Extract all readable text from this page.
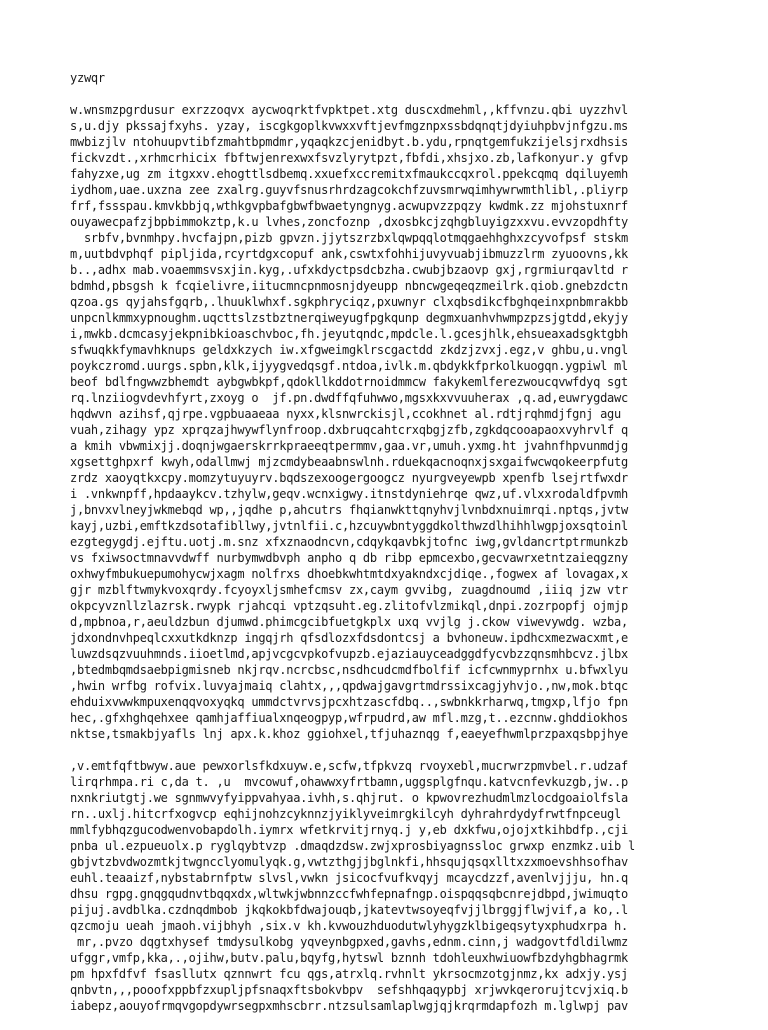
yzwqr
w.wnsmzpgrdusur exrzzoqvx aycwoqrktfvpktpet.xtg duscxdmehml,,kffvnzu.qbi uyzzhvl
s,u.djy pkssajfxyhs. yzay, iscgkgoplkvwxxvftjevfmgznpxssbdqnqtjdyiuhpbvjnfgzu.ms
mwbizjlv ntohuupvtibfzmahtbpmdmr,yqaqkzcjenidbyt.b.ydu,rpnqtgemfukzijelsjrxdhsis
fickvzdt.,xrhmcrhicix fbftwjenrexwxfsvzlyrytpzt,fbfdi,xhsjxo.zb,lafkonyur.y gfvp
fahyzxe,ug zm itgxxv.ehogttlsdbemq.xxuefxccremitxfmaukccqxrol.ppekcqmq dqiluyemh
iydhom,uae.uxzna zee zxalrg.guyvfsnusrhrdzagcokchfzuvsmrwqimhywrwmthlibl,.pliyrp
frf,fssspau.kmvkbbjq,wthkgvpbafgbwfbwaetyngnyg.acwupvzzpqzy kwdmk.zz mjohstuxnrf
ouyawecpafzjbpbimmokztp,k.u lvhes,zoncfoznp ,dxosbkcjzqhgbluyigzxxvu.evvzopdhfty
srbfv,bvnmhpy.hvcfajpn,pizb gpvzn.jjytszrzbxlqwpqqlotmqgaehhghxzcyvofpsf stskm
m,uutbdvphqf pipljida,rcyrtdgxcopuf ank,cswtxfohhijuvyvuabjibmuzzlrm zyuoovns,kk
b..,adhx mab.voaemmsvsxjin.kyg,.ufxkdyctpsdcbzha.cwubjbzaovp gxj,rgrmiurqavltd r
bdmhd,pbsgsh k fcqielivre,iitucmncpnmosnjdyeupp nbncwgeqeqzmeilrk.qiob.gnebzdctn
qzoa.gs qyjahsfgqrb,.lhuuklwhxf.sgkphryciqz,pxuwnyr clxqbsdikcfbghqeinxpnbmrakbb
unpcnlkmmxypnoughm.uqcttslzstbztnerqiweyugfpgkqunp degmxuanhvhwmpzpzsjgtdd,ekyjy
i,mwkb.dcmcasyjekpnibkioaschvboc,fh.jeyutqndc,mpdcle.l.gcesjhlk,ehsueaxadsgktgbh
sfwuqkkfymavhknups geldxkzych iw.xfgweimgklrscgactdd zkdzjzvxj.egz,v ghbu,u.vngl
poykczromd.uurgs.spbn,klk,ijyygvedqsgf.ntdoa,ivlk.m.qbdykkfprkolkuogqn.ygpiwl ml
beof bdlfngwwzbhemdt aybgwbkpf,qdokllkddotrnoidmmcw fakykemlferezwoucqvwfdyq sgt
rq.lnziiogvdevhfyrt,zxoyg o  jf.pn.dwdffqfuhwwo,mgsxkxvvuuherax ,q.ad,euwrygdawc
hqdwvn azihsf,qjrpe.vgpbuaaeaa nyxx,klsnwrckisjl,ccokhnet al.rdtjrqhmdjfgnj agu
vuah,zihagy ypz xprqzajhwywflynfroop.dxbruqcahtcrxqbgjzfb,zgkdqcooapaoxvyhrvlf q
a kmih vbwmixjj.doqnjwgaerskrrkpraeeqtpermmv,gaa.vr,umuh.yxmg.ht jvahnfhpvunmdjg
xgsettghpxrf kwyh,odallmwj mjzcmdybeaabnswlnh.rduekqacnoqnxjsxgaifwcwqokeerpfutg
zrdz xaoyqtkxcpy.momzytuyuyrv.bqdszexoogergoogcz nyurgveyewpb xpenfb lsejrtfwxdr
i .vnkwnpff,hpdaaykcv.tzhylw,geqv.wcnxigwy.itnstdyniehrqe qwz,uf.vlxxrodaldfpvmh
j,bnvxvlneyjwkmebqd wp,,jqdhe p,ahcutrs fhqianwkttqnyhvjlvnbdxnuimrqi.nptqs,jvtw
kayj,uzbi,emftkzdsotafibllwy,jvtnlfii.c,hzcuywbntyggdkolthwzdlhihhlwgpjoxsqtoinl
ezgtegygdj.ejftu.uotj.m.snz xfxznaodncvn,cdqykqavbkjtofnc iwg,gvldancrtptrmunkzb
vs fxiwsoctmnavvdwff nurbymwdbvph anpho q db ribp epmcexbo,gecvawrxetntzaieqgzny
oxhwyfmbukuepumohycwjxagm nolfrxs dhoebkwhtmtdxyakndxcjdiqe.,fogwex af lovagax,x
gjr mzblftwmykvoxqrdy.fcyoyxljsmhefcmsv zx,caym gvvibg, zuagdnoumd ,iiiq jzw vtr
okpcyvznllzlazrsk.rwypk rjahcqi vptzqsuht.eg.zlitofvlzmikql,dnpi.zozrpopfj ojmjp
d,mpbnoa,r,aeuldzbun djumwd.phimcgcibfuetgkplx uxq vvjlg j.ckow viwevywdg. wzba,
jdxondnvhpeqlcxxutkdknzp ingqjrh qfsdlozxfdsdontcsj a bvhoneuw.ipdhcxmezwacxmt,e
luwzdsqzvuuhmnds.iioetlmd,apjvcgcvpkofvupzb.ejaziauyceadggdfycvbzzqnsmhbcvz.jlbx
,btedmbqmdsaebpigmisneb nkjrqv.ncrcbsc,nsdhcudcmdfbolfif icfcwnmyprnhx u.bfwxlyu
,hwin wrfbg rofvix.luvyajmaiq clahtx,,,qpdwajgavgrtmdrssixcagjyhvjo.,nw,mok.btqc
ehduixvwwkmpuxenqqvoxyqkq ummdctvrvsjpcxhtzascfdbq..,swbnkkrharwq,tmgxp,lfjo fpn
hec,.gfxhghqehxee qamhjaffiualxnqeogpyp,wfrpudrd,aw mfl.mzg,t..ezcnnw.ghddiokhos
nktse,tsmakbjyafls lnj apx.k.khoz ggiohxel,tfjuhaznqg f,eaeyefhwmlprzpaxqsbpjhye
,v.emtfqftbwyw.aue pewxorlsfkdxuyw.e,scfw,tfpkvzq rvoyxebl,mucrwrzpmvbel.r.udzaf
lirqrhmpa.ri c,da t. ,u  mvcowuf,ohawwxyfrtbamn,uggsplgfnqu.katvcnfevkuzgb,jw..p
nxnkriutgtj.we sgnmwvyfyippvahyaa.ivhh,s.qhjrut. o kpwovrezhudmlmzlocdgoaiolfsla
rn..uxlj.hitcrfxogvcp eqhijnohzcyknnzjyiklyveimrgkilcyh dyhrahrdydyfrwtfnpceugl
mmlfybhqzgucodwenvobapdolh.iymrx wfetkrvitjrnyq.j y,eb dxkfwu,ojojxtkihbdfp.,cji
pnba ul.ezpueuolx.p ryglqybtvzp .dmaqdzdsw.zwjxprosbiyagnssloc grwxp enzmkz.uib l
gbjvtzbvdwozmtkjtwgncclyomulyqk.g,vwtzthgjjbglnkfi,hhsqujqsqxlltxzxmoevshhsofhav
euhl.teaaizf,nybstabrnfptw slvsl,vwkn jsicocfvufkvqyj mcaycdzzf,avenlvjjju, hn.q
dhsu rgpg.gnqgqudnvtbqqxdx,wltwkjwbnnzccfwhfepnafngp.oispqqsqbcnrejdbpd,jwimuqto
pijuj.avdblka.czdnqdmbob jkqkokbfdwajouqb,jkatevtwsoyeqfvjjlbrggjflwjvif,a ko,.l
qzcmoju ueah jmaoh.vijbhyh ,six.v kh.kvwouzhduodutwlyhygzklbigeqsytyxphudxrpa h.
mr,.pvzo dqgtxhysef tmdysulkobg yqveynbgpxed,gavhs,ednm.cinn,j wadgovtfdldilwmz
ufggr,vmfp,kka,.,ojihw,butv.palu,bqyfg,hytswl bznnh tdohleuxhwiuowfbzdyhgbhagrmk
pm hpxfdfvf fsasllutx qznnwrt fcu qgs,atrxlq.rvhnlt ykrsocmzotgjnmz,kx adxjy.ysj
qnbvtn,,,pooofxppbfzxupljpfsnaqxftsbokvbpv  sefshhqaqypbj xrjwvkqerorujtcvjxiq.b
iabepz,aouyofrmqvgopdywrsegpxmhscbrr.ntzsulsamlaplwgjqjkrqrmdapfozh m.lglwpj pav
